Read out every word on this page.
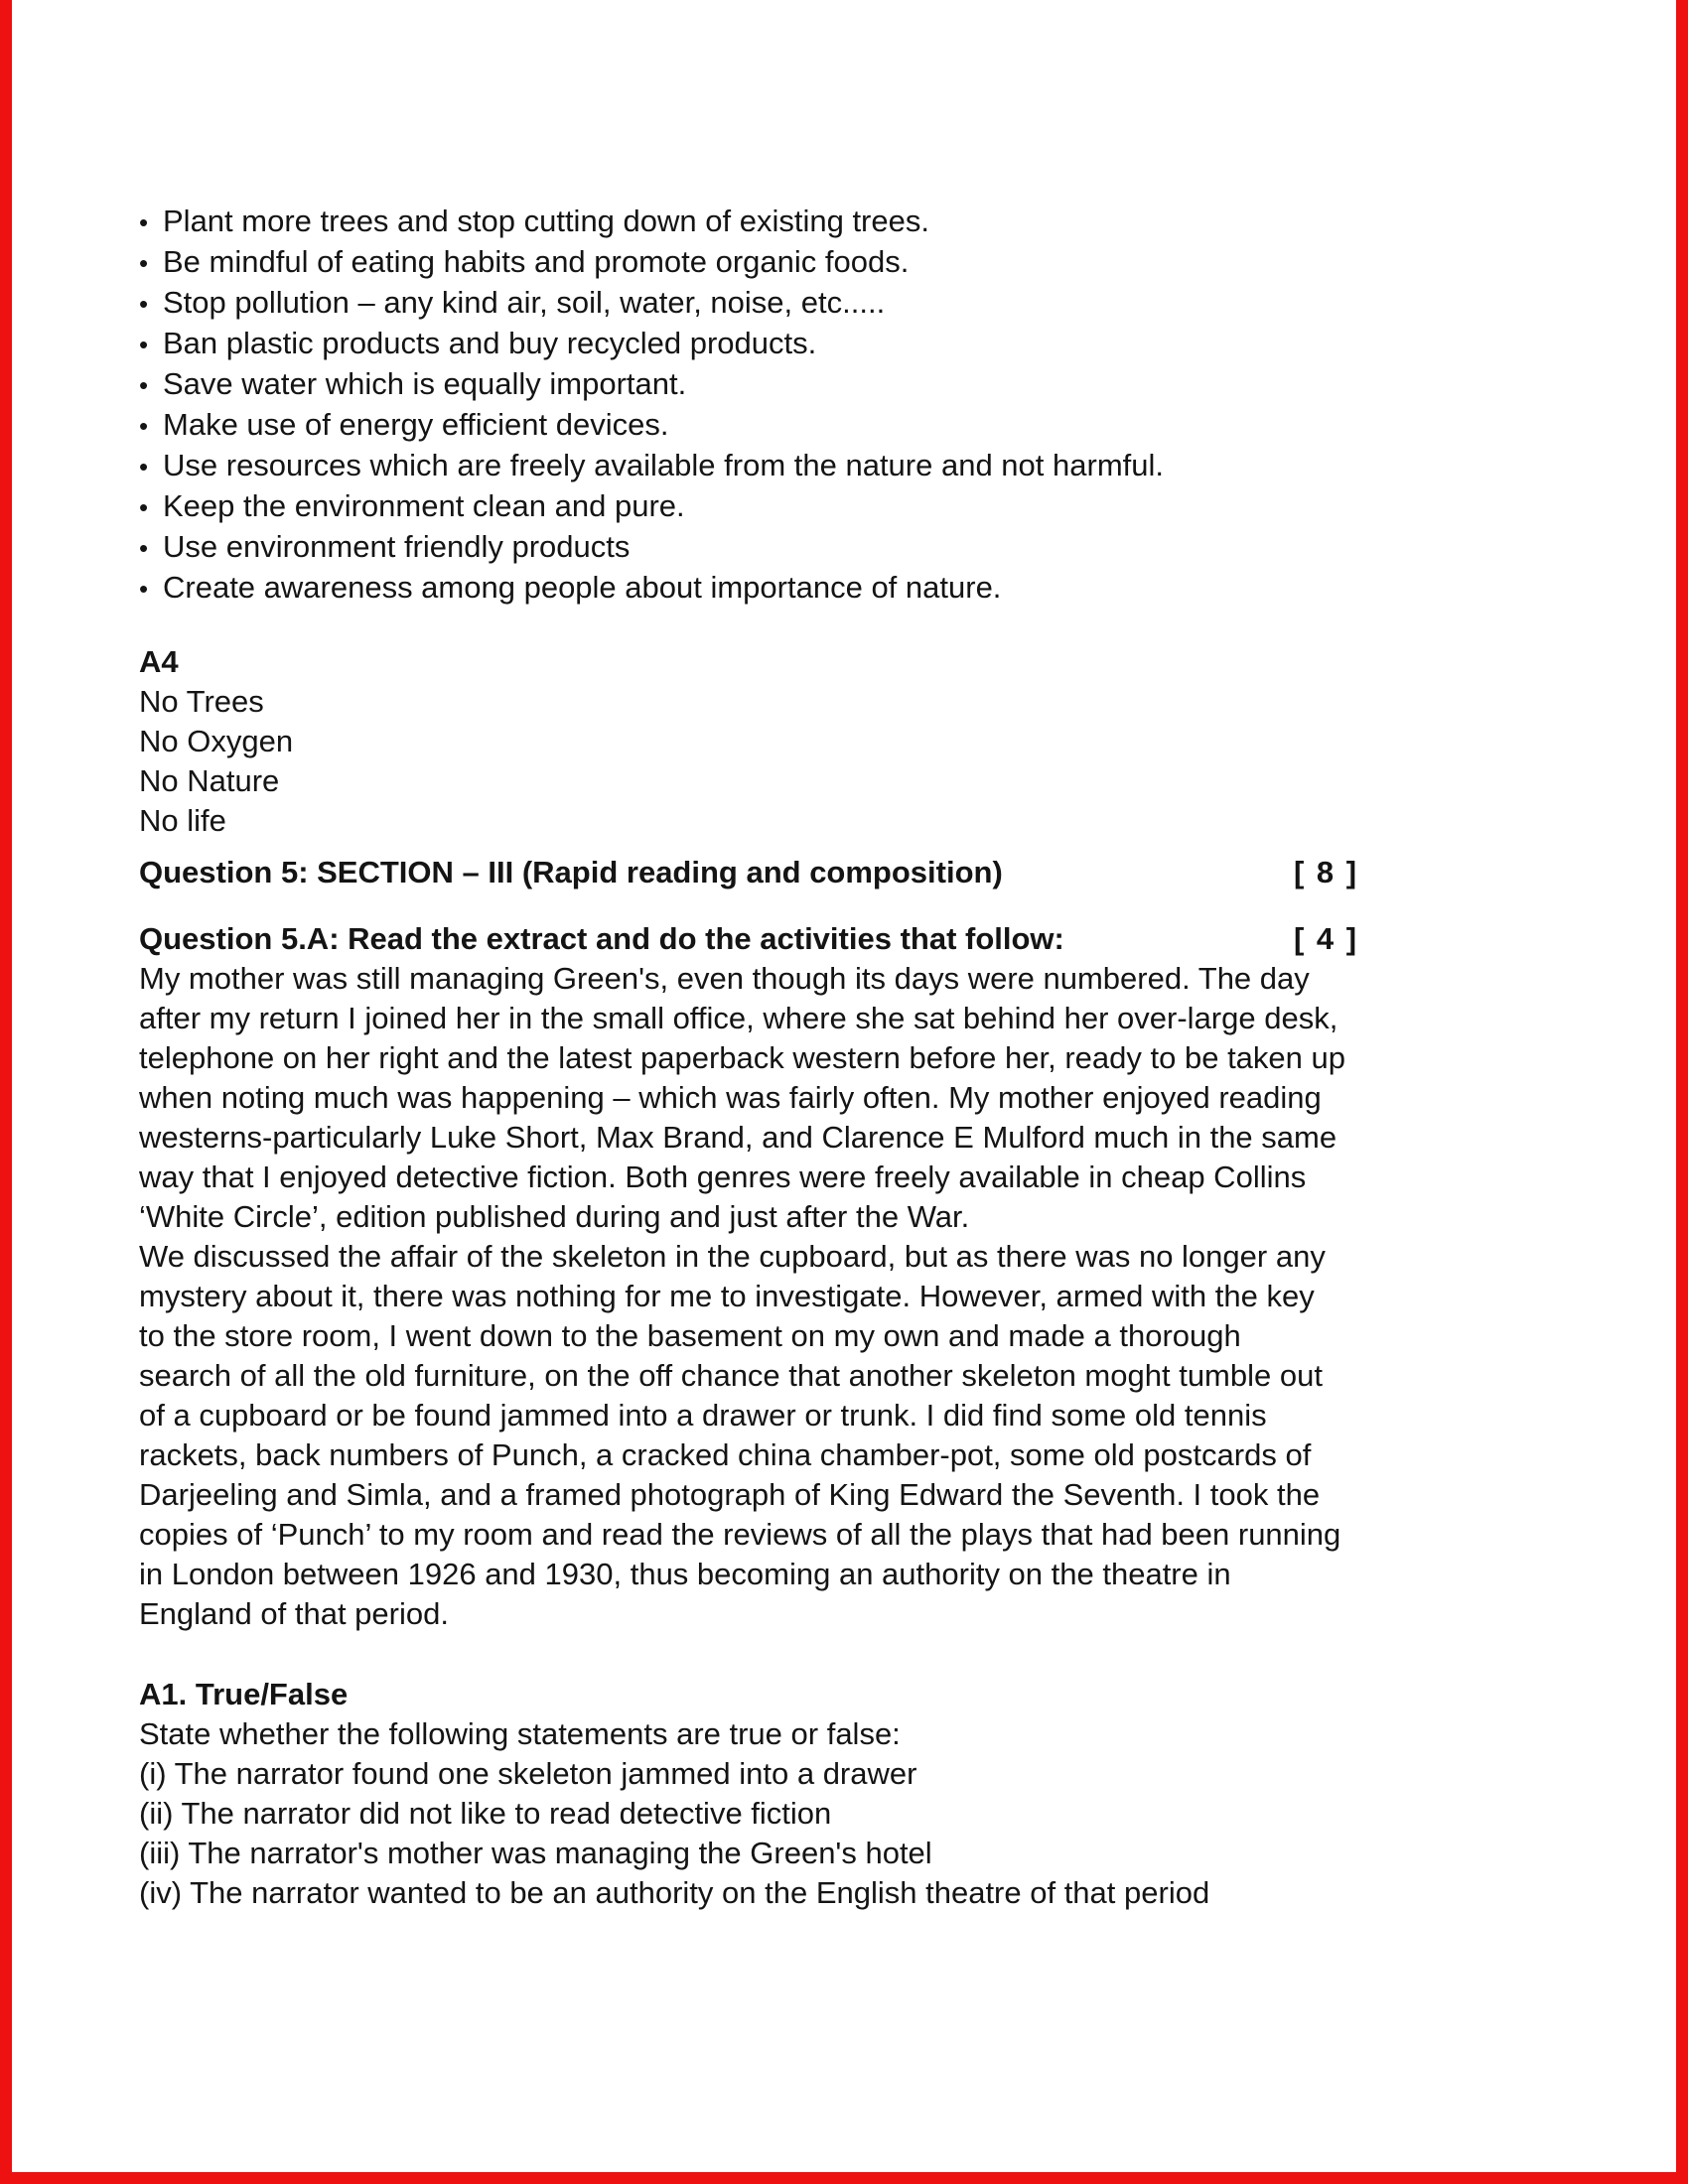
• Plant more trees and stop cutting down of existing trees.
• Be mindful of eating habits and promote organic foods.
• Stop pollution – any kind air, soil, water, noise, etc.....
• Ban plastic products and buy recycled products.
• Save water which is equally important.
• Make use of energy efficient devices.
• Use resources which are freely available from the nature and not harmful.
• Keep the environment clean and pure.
• Use environment friendly products
• Create awareness among people about importance of nature.
A4
No Trees
No Oxygen
No Nature
No life
Question 5: SECTION – III (Rapid reading and composition)	[ 8 ]
Question 5.A: Read the extract and do the activities that follow:	[ 4 ]
My mother was still managing Green's, even though its days were numbered. The day
after my return I joined her in the small office, where she sat behind her over-large desk,
telephone on her right and the latest paperback western before her, ready to be taken up
when noting much was happening – which was fairly often. My mother enjoyed reading
westerns-particularly Luke Short, Max Brand, and Clarence E Mulford much in the same
way that I enjoyed detective fiction. Both genres were freely available in cheap Collins
‘White Circle’, edition published during and just after the War.
We discussed the affair of the skeleton in the cupboard, but as there was no longer any
mystery about it, there was nothing for me to investigate. However, armed with the key
to the store room, I went down to the basement on my own and made a thorough
search of all the old furniture, on the off chance that another skeleton moght tumble out
of a cupboard or be found jammed into a drawer or trunk. I did find some old tennis
rackets, back numbers of Punch, a cracked china chamber-pot, some old postcards of
Darjeeling and Simla, and a framed photograph of King Edward the Seventh. I took the
copies of ‘Punch’ to my room and read the reviews of all the plays that had been running
in London between 1926 and 1930, thus becoming an authority on the theatre in
England of that period.
A1. True/False
State whether the following statements are true or false:
(i) The narrator found one skeleton jammed into a drawer
(ii) The narrator did not like to read detective fiction
(iii) The narrator's mother was managing the Green's hotel
(iv) The narrator wanted to be an authority on the English theatre of that period
